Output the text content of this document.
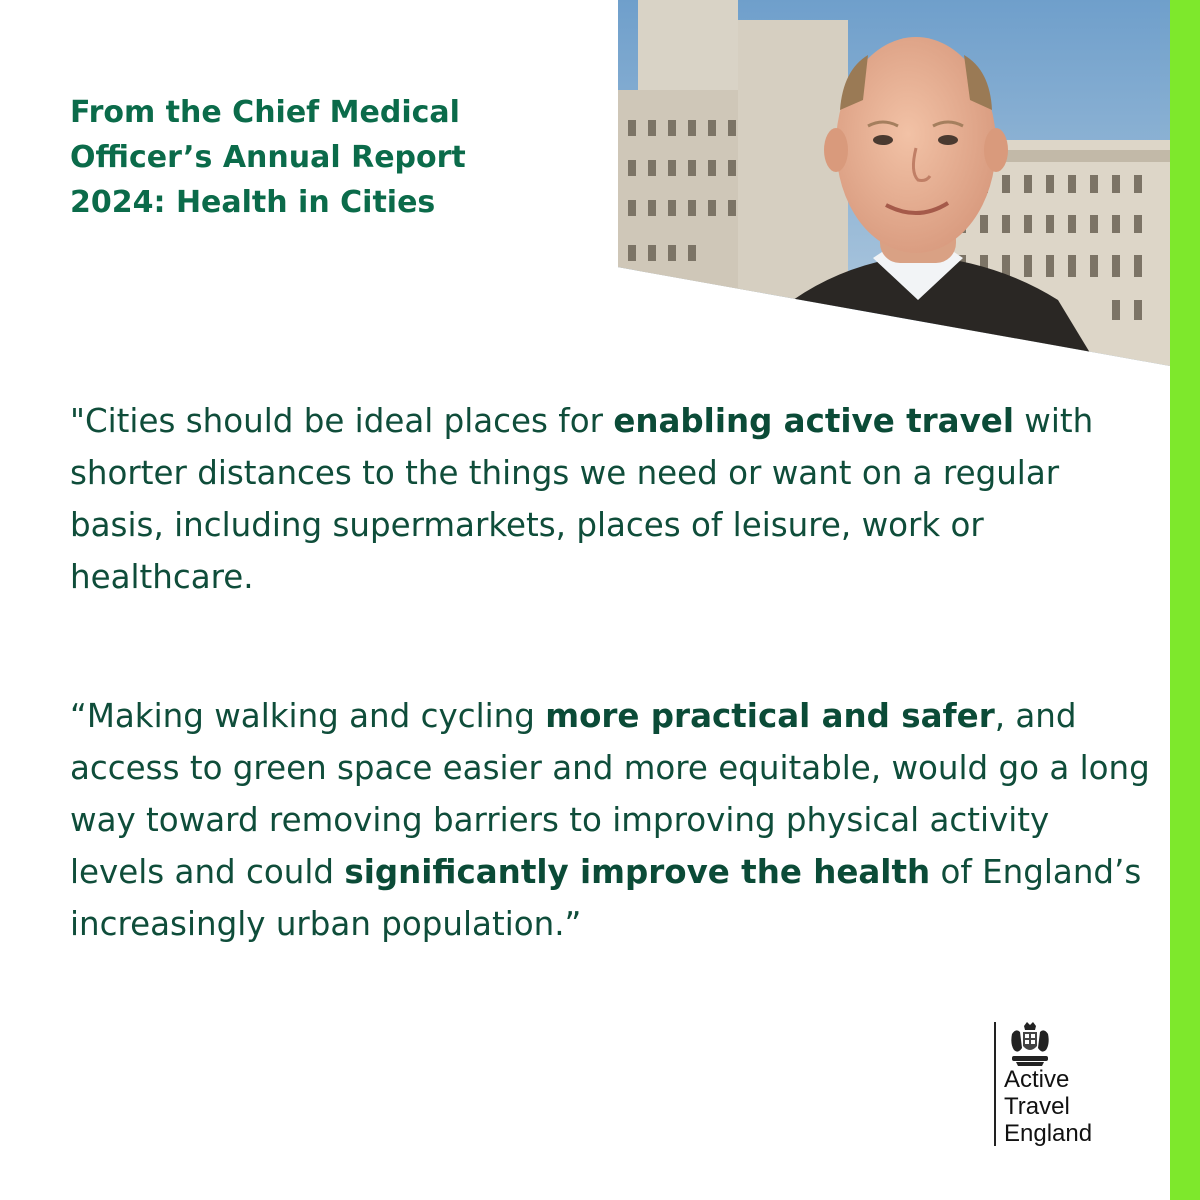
From the Chief Medical
Officer’s Annual Report
2024: Health in Cities

"Cities should be ideal places for enabling active travel with shorter distances to the things we need or want on a regular basis, including supermarkets, places of leisure, work or healthcare.

“Making walking and cycling more practical and safer, and access to green space easier and more equitable, would go a long way toward removing barriers to improving physical activity levels and could significantly improve the health of England’s increasingly urban population.”

Active
Travel
England
